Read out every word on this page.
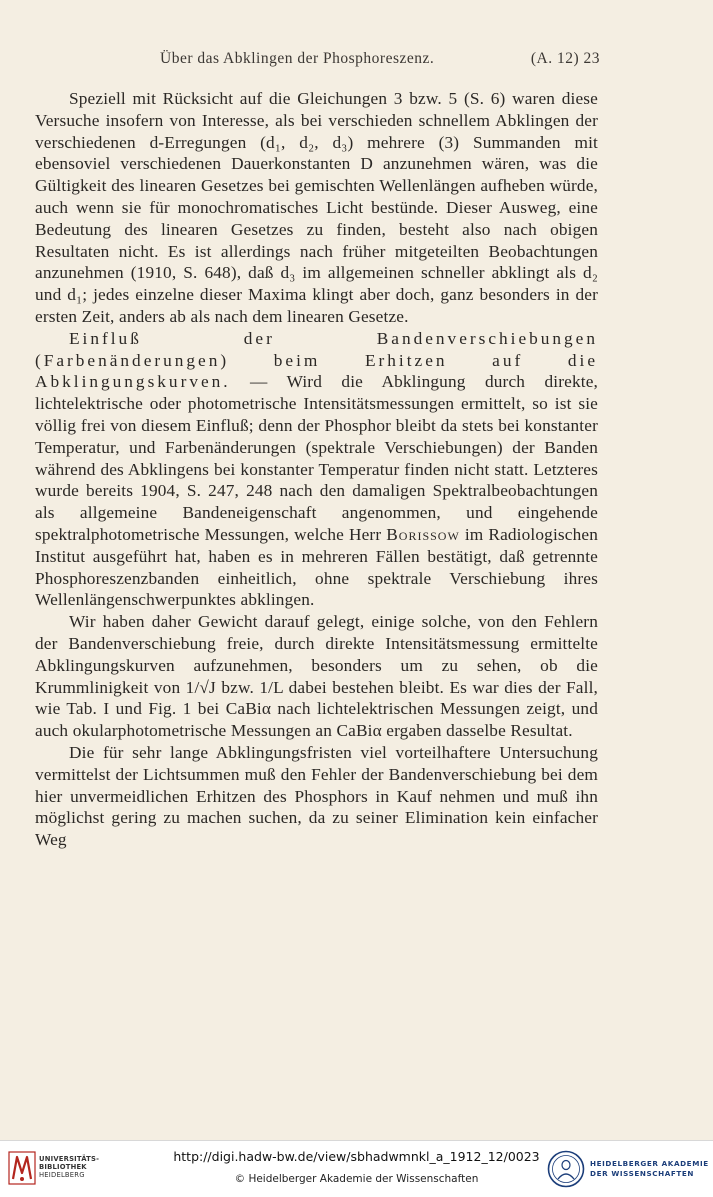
Über das Abklingen der Phosphoreszenz.	(A. 12) 23

Speziell mit Rücksicht auf die Gleichungen 3 bzw. 5 (S. 6) waren diese Versuche insofern von Interesse, als bei verschieden schnellem Abklingen der verschiedenen d-Erregungen (d₁, d₂, d₃) mehrere (3) Summanden mit ebensoviel verschiedenen Dauerkonstanten D anzunehmen wären, was die Gültigkeit des linearen Gesetzes bei gemischten Wellenlängen aufheben würde, auch wenn sie für monochromatisches Licht bestünde. Dieser Ausweg, eine Bedeutung des linearen Gesetzes zu finden, besteht also nach obigen Resultaten nicht. Es ist allerdings nach früher mitgeteilten Beobachtungen anzunehmen (1910, S. 648), daß d₃ im allgemeinen schneller abklingt als d₂ und d₁; jedes einzelne dieser Maxima klingt aber doch, ganz besonders in der ersten Zeit, anders ab als nach dem linearen Gesetze.

Einfluß der Bandenverschiebungen (Farbenänderungen) beim Erhitzen auf die Abklingungskurven. — Wird die Abklingung durch direkte, lichtelektrische oder photometrische Intensitätsmessungen ermittelt, so ist sie völlig frei von diesem Einfluß; denn der Phosphor bleibt da stets bei konstanter Temperatur, und Farbenänderungen (spektrale Verschiebungen) der Banden während des Abklingens bei konstanter Temperatur finden nicht statt. Letzteres wurde bereits 1904, S. 247, 248 nach den damaligen Spektralbeobachtungen als allgemeine Bandeneigenschaft angenommen, und eingehende spektralphotometrische Messungen, welche Herr Borissow im Radiologischen Institut ausgeführt hat, haben es in mehreren Fällen bestätigt, daß getrennte Phosphoreszenzbanden einheitlich, ohne spektrale Verschiebung ihres Wellenlängenschwerpunktes abklingen.

Wir haben daher Gewicht darauf gelegt, einige solche, von den Fehlern der Bandenverschiebung freie, durch direkte Intensitätsmessung ermittelte Abklingungskurven aufzunehmen, besonders um zu sehen, ob die Krummlinigkeit von 1/√J bzw. 1/L dabei bestehen bleibt. Es war dies der Fall, wie Tab. I und Fig. 1 bei CaBiα nach lichtelektrischen Messungen zeigt, und auch okularphotometrische Messungen an CaBiα ergaben dasselbe Resultat.

Die für sehr lange Abklingungsfristen viel vorteilhaftere Untersuchung vermittelst der Lichtsummen muß den Fehler der Bandenverschiebung bei dem hier unvermeidlichen Erhitzen des Phosphors in Kauf nehmen und muß ihn möglichst gering zu machen suchen, da zu seiner Elimination kein einfacher Weg

UNIVERSITÄTS-
BIBLIOTHEK
HEIDELBERG
http://digi.hadw-bw.de/view/sbhadwmnkl_a_1912_12/0023
© Heidelberger Akademie der Wissenschaften
HEIDELBERGER AKADEMIE
DER WISSENSCHAFTEN
